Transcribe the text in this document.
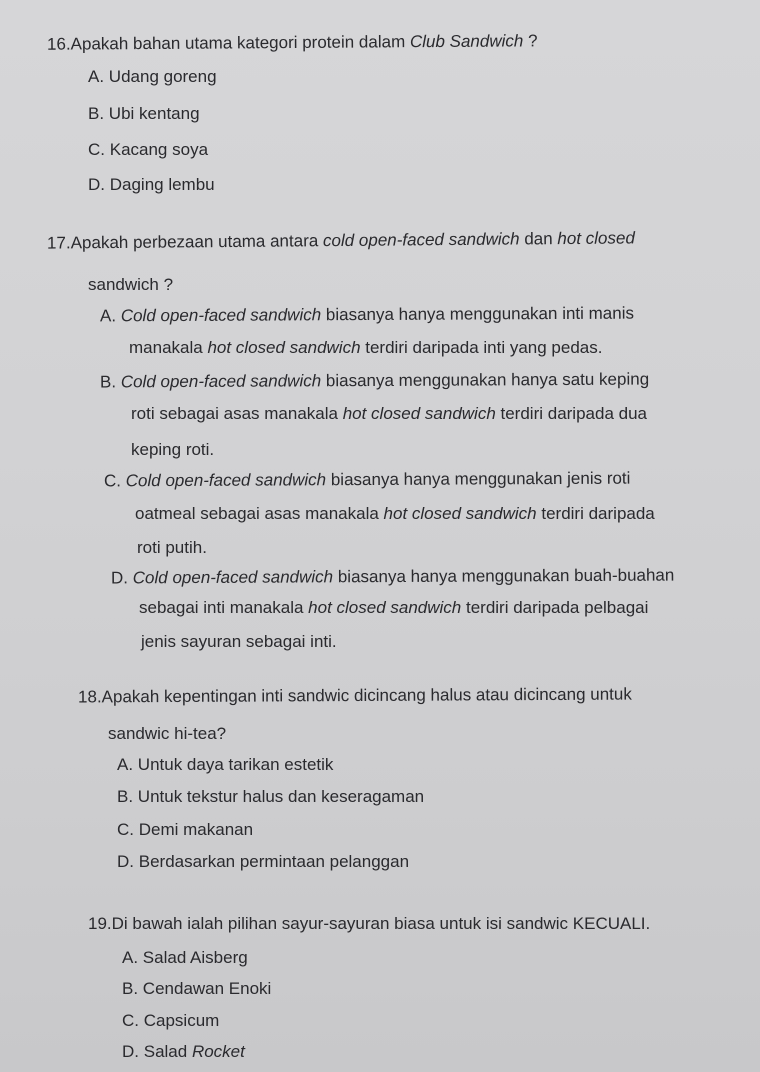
16.Apakah bahan utama kategori protein dalam Club Sandwich ?
A. Udang goreng
B. Ubi kentang
C. Kacang soya
D. Daging lembu
17.Apakah perbezaan utama antara cold open-faced sandwich dan hot closed
sandwich ?
A. Cold open-faced sandwich biasanya hanya menggunakan inti manis
manakala hot closed sandwich terdiri daripada inti yang pedas.
B. Cold open-faced sandwich biasanya menggunakan hanya satu keping
roti sebagai asas manakala hot closed sandwich terdiri daripada dua
keping roti.
C. Cold open-faced sandwich biasanya hanya menggunakan jenis roti
oatmeal sebagai asas manakala hot closed sandwich terdiri daripada
roti putih.
D. Cold open-faced sandwich biasanya hanya menggunakan buah-buahan
sebagai inti manakala hot closed sandwich terdiri daripada pelbagai
jenis sayuran sebagai inti.
18.Apakah kepentingan inti sandwic dicincang halus atau dicincang untuk
sandwic hi-tea?
A. Untuk daya tarikan estetik
B. Untuk tekstur halus dan keseragaman
C. Demi makanan
D. Berdasarkan permintaan pelanggan
19.Di bawah ialah pilihan sayur-sayuran biasa untuk isi sandwic KECUALI.
A. Salad Aisberg
B. Cendawan Enoki
C. Capsicum
D. Salad Rocket
